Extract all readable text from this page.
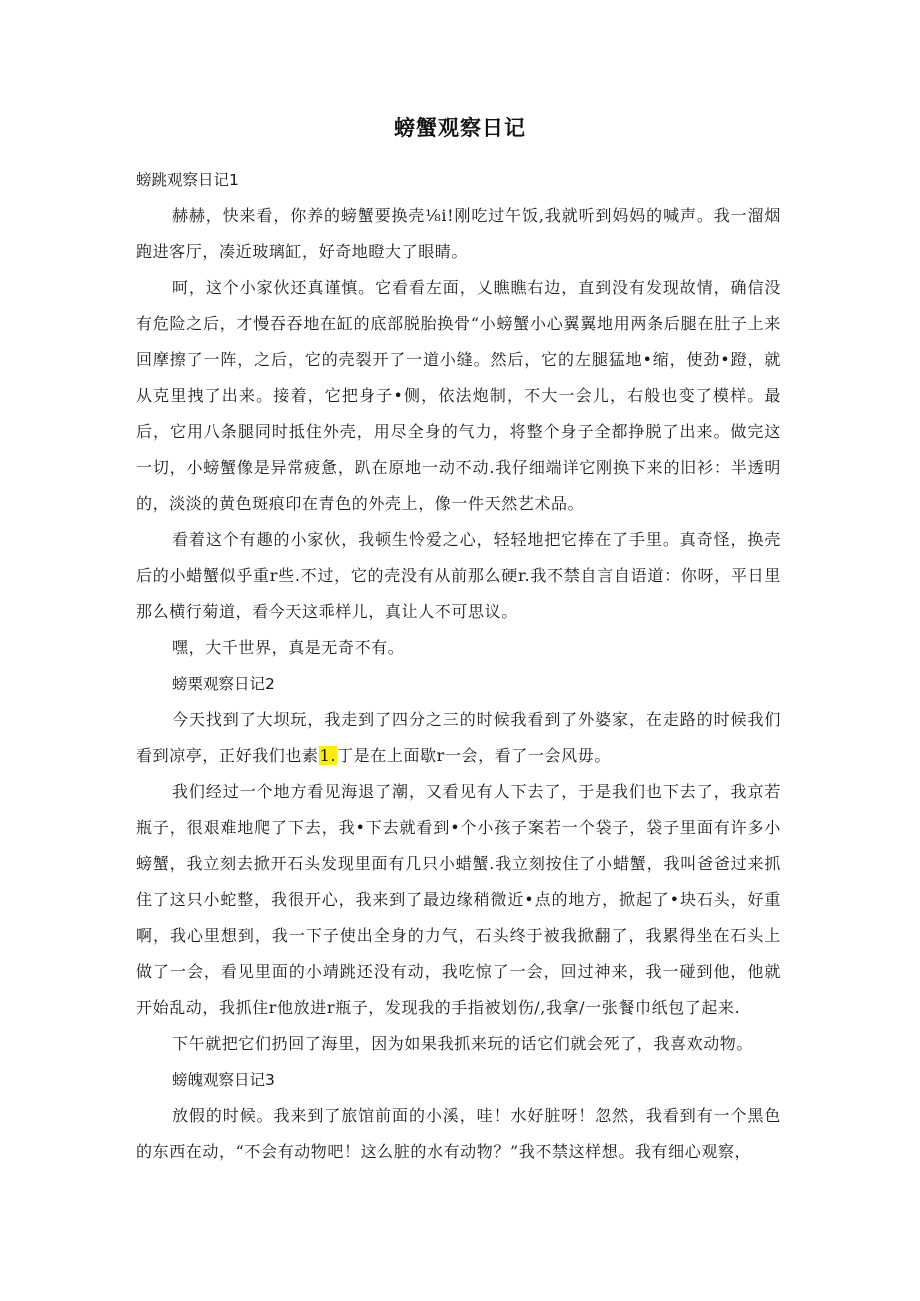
螃蟹观察日记
螃跳观察日记1

赫赫，快来看，你养的螃蟹要换壳⅛i!刚吃过午饭,我就听到妈妈的喊声。我一溜烟跑进客厅，凑近玻璃缸，好奇地瞪大了眼睛。

呵，这个小家伙还真谨慎。它看看左面，乂瞧瞧右边，直到没有发现故情，确信没有危险之后，才慢吞吞地在缸的底部脱胎换骨“小螃蟹小心翼翼地用两条后腿在肚子上来回摩擦了一阵，之后，它的壳裂开了一道小缝。然后，它的左腿猛地•缩，使劲•蹬，就从克里拽了出来。接着，它把身子•侧，依法炮制，不大一会儿，右般也变了模样。最后，它用八条腿同时抵住外壳，用尽全身的气力，将整个身子全都挣脱了出来。做完这一切，小螃蟹像是异常疲惫，趴在原地一动不动.我仔细端详它刚换下来的旧衫：半透明的，淡淡的黄色斑痕印在青色的外壳上，像一件天然艺术品。

看着这个有趣的小家伙，我顿生怜爱之心，轻轻地把它捧在了手里。真奇怪，换壳后的小蜡蟹似乎重r些.不过，它的壳没有从前那么硬r.我不禁自言自语道：你呀，平日里那么横行菊道，看今天这乖样儿，真让人不可思议。

嘿，大千世界，真是无奇不有。

螃栗观察日记2

今天找到了大坝玩，我走到了四分之三的时候我看到了外婆家，在走路的时候我们看到凉亭，正好我们也素1.丁是在上面歇r一会，看了一会风毋。

我们经过一个地方看见海退了潮，又看见有人下去了，于是我们也下去了，我京若瓶子，很艰难地爬了下去，我•下去就看到•个小孩子案若一个袋子，袋子里面有许多小螃蟹，我立刻去掀开石头发现里面有几只小蜡蟹.我立刻按住了小蜡蟹，我叫爸爸过来抓住了这只小蛇整，我很开心，我来到了最边缘稍微近•点的地方，掀起了•块石头，好重啊，我心里想到，我一下子使出全身的力气，石头终于被我掀翻了，我累得坐在石头上做了一会，看见里面的小靖跳还没有动，我吃惊了一会，回过神来，我一碰到他，他就开始乱动，我抓住r他放进r瓶子，发现我的手指被划伤/,我拿/一张餐巾纸包了起来.

下午就把它们扔回了海里，因为如果我抓来玩的话它们就会死了，我喜欢动物。

螃魄观察日记3

放假的时候。我来到了旅馆前面的小溪，哇！水好脏呀！忽然，我看到有一个黑色的东西在动，“不会有动物吧！这么脏的水有动物？”我不禁这样想。我有细心观察，
